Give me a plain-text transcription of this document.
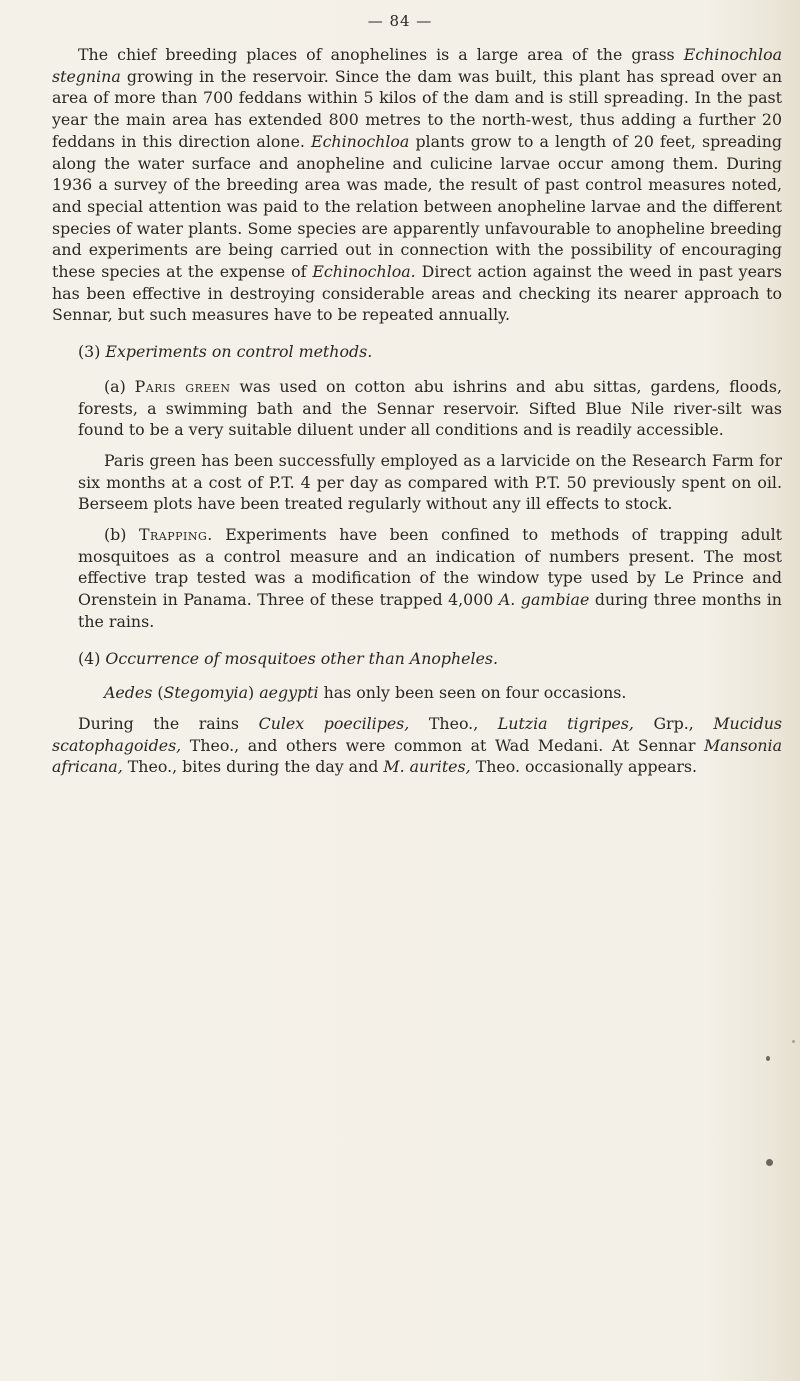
— 84 —

The chief breeding places of anophelines is a large area of the grass Echinochloa stegnina growing in the reservoir. Since the dam was built, this plant has spread over an area of more than 700 feddans within 5 kilos of the dam and is still spreading. In the past year the main area has extended 800 metres to the north-west, thus adding a further 20 feddans in this direction alone. Echinochloa plants grow to a length of 20 feet, spreading along the water surface and anopheline and culicine larvae occur among them. During 1936 a survey of the breeding area was made, the result of past control measures noted, and special attention was paid to the relation between anopheline larvae and the different species of water plants. Some species are apparently unfavourable to anopheline breeding and experiments are being carried out in connection with the possibility of encouraging these species at the expense of Echinochloa. Direct action against the weed in past years has been effective in destroying considerable areas and checking its nearer approach to Sennar, but such measures have to be repeated annually.

(3) Experiments on control methods.

(a) Paris green was used on cotton abu ishrins and abu sittas, gardens, floods, forests, a swimming bath and the Sennar reservoir. Sifted Blue Nile river-silt was found to be a very suitable diluent under all conditions and is readily accessible.

Paris green has been successfully employed as a larvicide on the Research Farm for six months at a cost of P.T. 4 per day as compared with P.T. 50 previously spent on oil. Berseem plots have been treated regularly without any ill effects to stock.

(b) Trapping. Experiments have been confined to methods of trapping adult mosquitoes as a control measure and an indication of numbers present. The most effective trap tested was a modification of the window type used by Le Prince and Orenstein in Panama. Three of these trapped 4,000 A. gambiae during three months in the rains.

(4) Occurrence of mosquitoes other than Anopheles.

Aedes (Stegomyia) aegypti has only been seen on four occasions.

During the rains Culex poecilipes, Theo., Lutzia tigripes, Grp., Mucidus scatophagoides, Theo., and others were common at Wad Medani. At Sennar Mansonia africana, Theo., bites during the day and M. aurites, Theo. occasionally appears.
